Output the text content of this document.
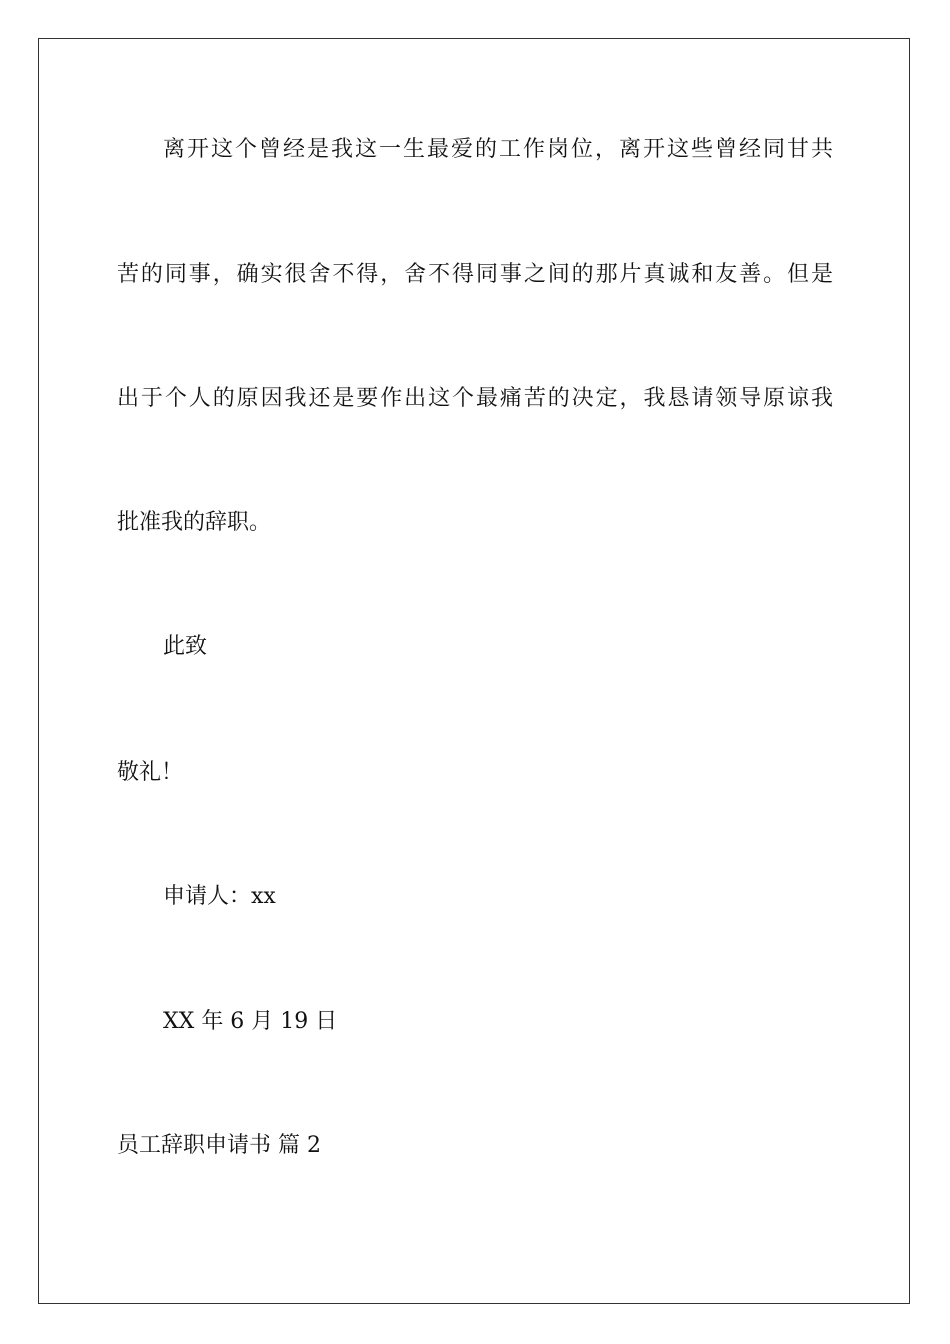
离开这个曾经是我这一生最爱的工作岗位，离开这些曾经同甘共

苦的同事，确实很舍不得，舍不得同事之间的那片真诚和友善。但是

出于个人的原因我还是要作出这个最痛苦的决定，我恳请领导原谅我

批准我的辞职。

此致

敬礼！

申请人：xx

XX 年 6 月 19 日

员工辞职申请书 篇 2
